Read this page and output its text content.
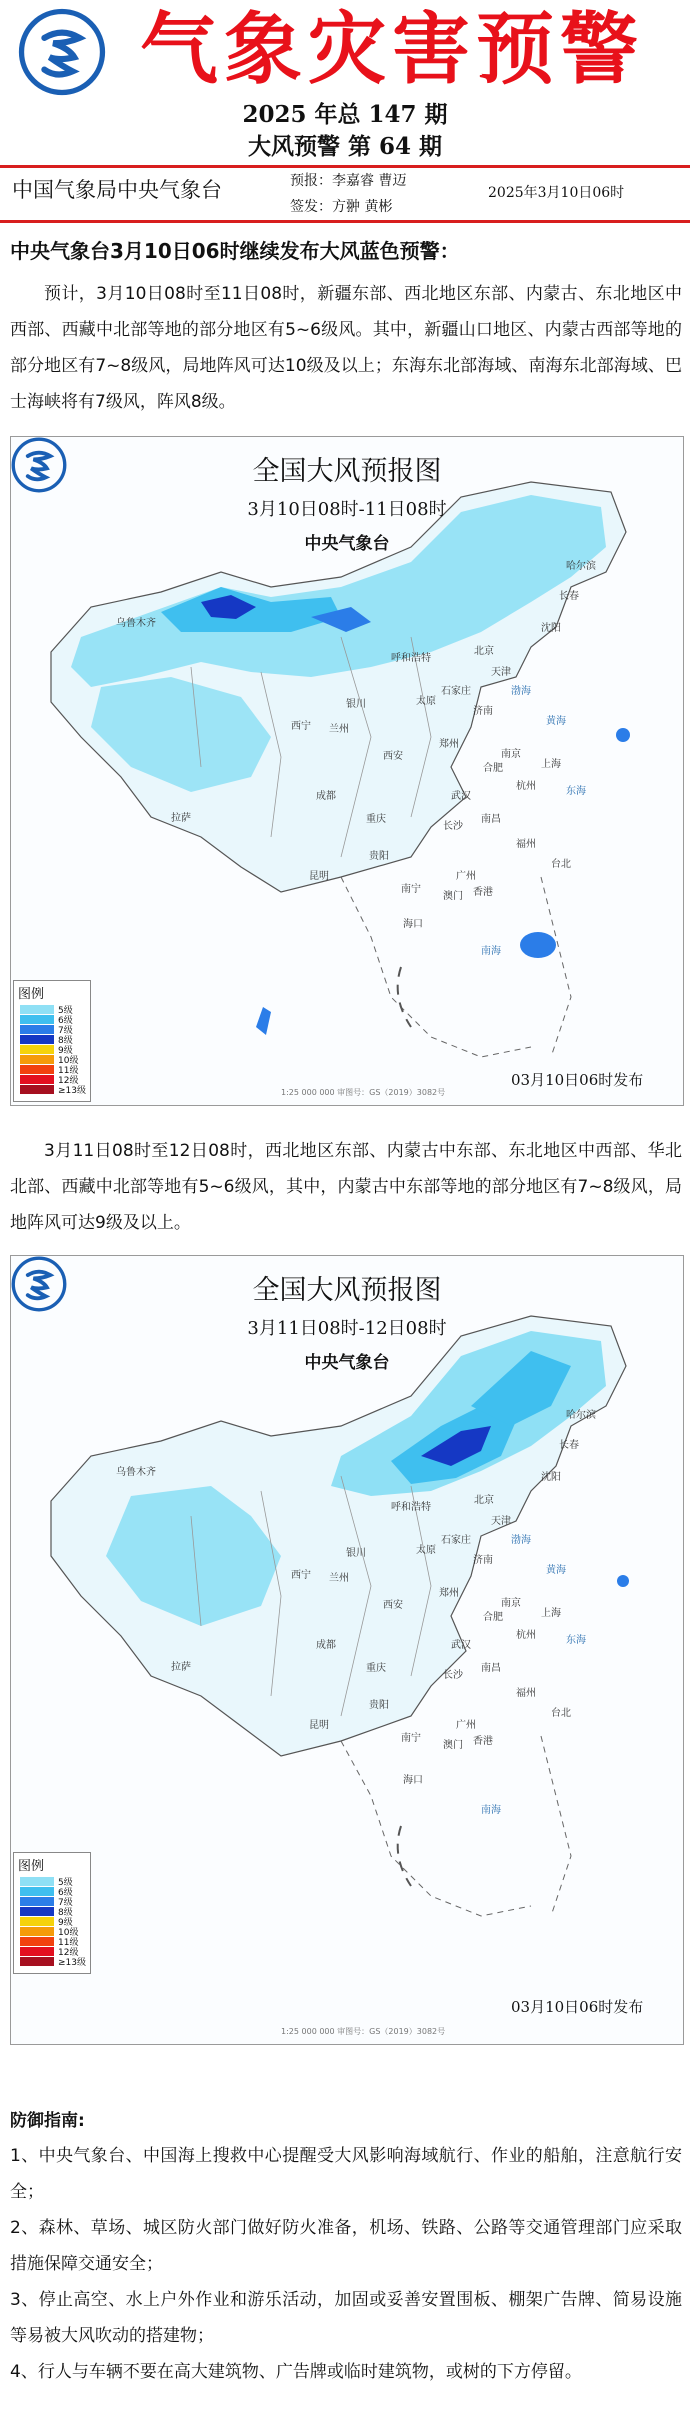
气象灾害预警
2025 年总 147 期
大风预警 第 64 期
中国气象局中央气象台	预报：李嘉睿 曹迈
签发：方翀 黄彬
2025年3月10日06时
中央气象台3月10日06时继续发布大风蓝色预警：
预计，3月10日08时至11日08时，新疆东部、西北地区东部、内蒙古、东北地区中西部、西藏中北部等地的部分地区有5~6级风。其中，新疆山口地区、内蒙古西部等地的部分地区有7~8级风，局地阵风可达10级及以上；东海东北部海域、南海东北部海域、巴士海峡将有7级风，阵风8级。
全国大风预报图
3月10日08时-11日08时
中央气象台
乌鲁木齐
哈尔滨
长春
沈阳
呼和浩特
北京
天津
石家庄
太原
济南
银川
西宁 兰州
郑州
西安
合肥
南京
上海
成都	武汉
杭州
拉萨	重庆
长沙
南昌
福州
贵阳
昆明
南宁
广州
台北
海口
香港
澳门
渤海
黄海
东海
南海
图例
5级
6级
7级
8级
9级
10级
11级
12级
≥13级	1:25 000 000 审图号：GS（2019）3082号
03月10日06时发布
3月11日08时至12日08时，西北地区东部、内蒙古中东部、东北地区中西部、华北北部、西藏中北部等地有5~6级风，其中，内蒙古中东部等地的部分地区有7~8级风，局地阵风可达9级及以上。
全国大风预报图
3月11日08时-12日08时
中央气象台
乌鲁木齐
哈尔滨
长春
沈阳
呼和浩特
北京
天津
石家庄
太原
济南
银川
西宁 兰州
郑州
西安
合肥
南京
上海
成都	武汉
杭州
拉萨	重庆
长沙
南昌
福州
贵阳
昆明
南宁
广州
台北
海口
香港
澳门
渤海
黄海
东海
南海
图例
5级
6级
7级
8级
9级
10级
11级
12级
≥13级
1:25 000 000 审图号：GS（2019）3082号
03月10日06时发布
防御指南:
1、中央气象台、中国海上搜救中心提醒受大风影响海域航行、作业的船舶，注意航行安全；
2、森林、草场、城区防火部门做好防火准备，机场、铁路、公路等交通管理部门应采取措施保障交通安全；
3、停止高空、水上户外作业和游乐活动，加固或妥善安置围板、棚架广告牌、简易设施等易被大风吹动的搭建物；
4、行人与车辆不要在高大建筑物、广告牌或临时建筑物，或树的下方停留。
